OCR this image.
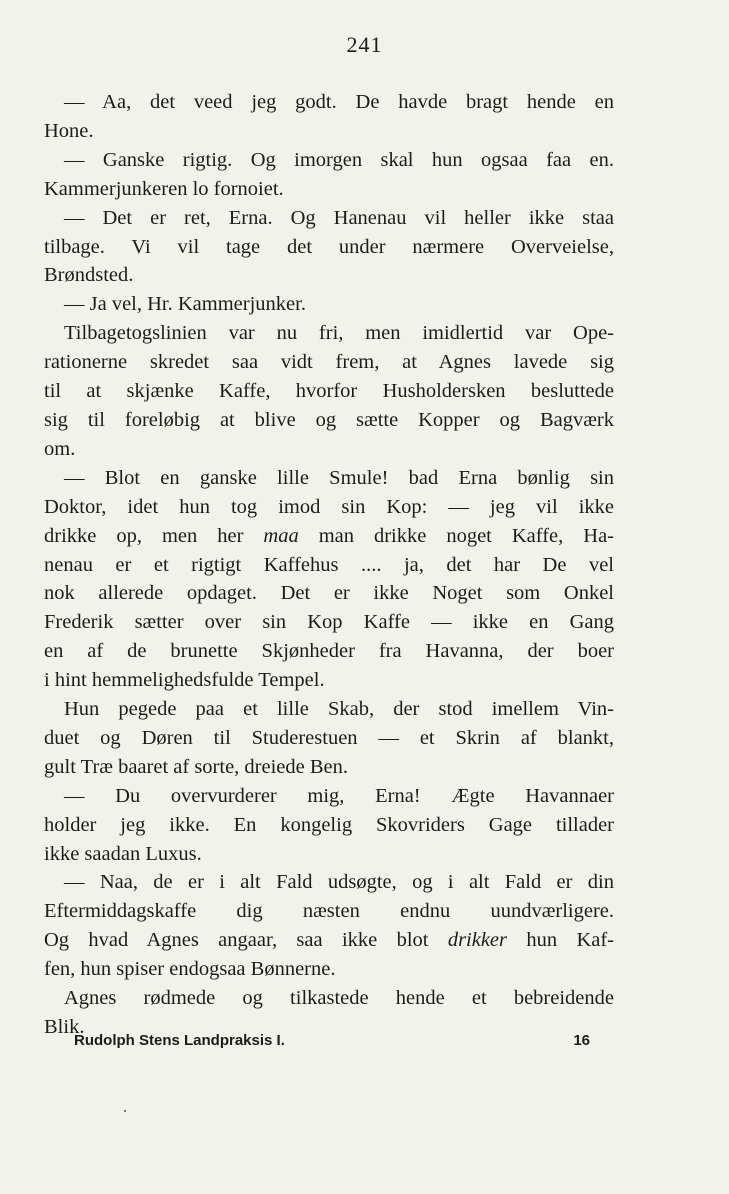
241

— Aa, det veed jeg godt. De havde bragt hende en
Hone.
— Ganske rigtig. Og imorgen skal hun ogsaa faa en.
Kammerjunkeren lo fornoiet.
— Det er ret, Erna. Og Hanenau vil heller ikke staa
tilbage. Vi vil tage det under nærmere Overveielse,
Brøndsted.
— Ja vel, Hr. Kammerjunker.
Tilbagetogslinien var nu fri, men imidlertid var Ope-
rationerne skredet saa vidt frem, at Agnes lavede sig
til at skjænke Kaffe, hvorfor Husholdersken besluttede
sig til foreløbig at blive og sætte Kopper og Bagværk
om.
— Blot en ganske lille Smule! bad Erna bønlig sin
Doktor, idet hun tog imod sin Kop: — jeg vil ikke
drikke op, men her maa man drikke noget Kaffe, Ha-
nenau er et rigtigt Kaffehus .... ja, det har De vel
nok allerede opdaget. Det er ikke Noget som Onkel
Frederik sætter over sin Kop Kaffe — ikke en Gang
en af de brunette Skjønheder fra Havanna, der boer
i hint hemmelighedsfulde Tempel.
Hun pegede paa et lille Skab, der stod imellem Vin-
duet og Døren til Studerestuen — et Skrin af blankt,
gult Træ baaret af sorte, dreiede Ben.
— Du overvurderer mig, Erna! Ægte Havannaer
holder jeg ikke. En kongelig Skovriders Gage tillader
ikke saadan Luxus.
— Naa, de er i alt Fald udsøgte, og i alt Fald er din
Eftermiddagskaffe dig næsten endnu uundværligere.
Og hvad Agnes angaar, saa ikke blot drikker hun Kaf-
fen, hun spiser endogsaa Bønnerne.
Agnes rødmede og tilkastede hende et bebreidende
Blik.

Rudolph Stens Landpraksis I.	16
